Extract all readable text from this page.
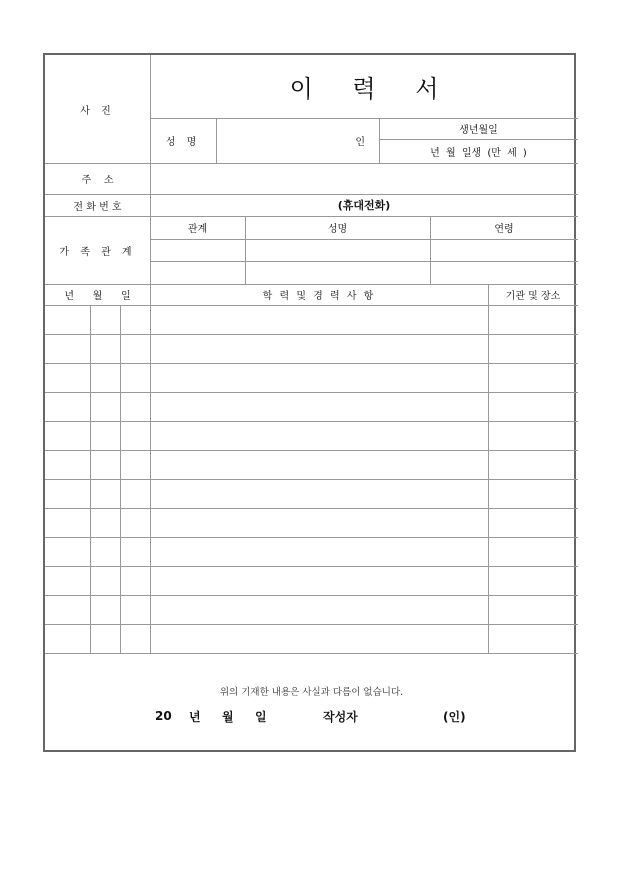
사 진
이 력 서
성 명	인
생년월일
년 월 일생 (만 세 )
주    소
전 화 번 호	(휴대전화)
가 족 관 계
관계	성명	연령
년 월 일	학 력 및 경 력 사 항	기관 및 장소
위의 기재한 내용은 사실과 다름이 없습니다.
20 년 월 일	작성자	(인)
